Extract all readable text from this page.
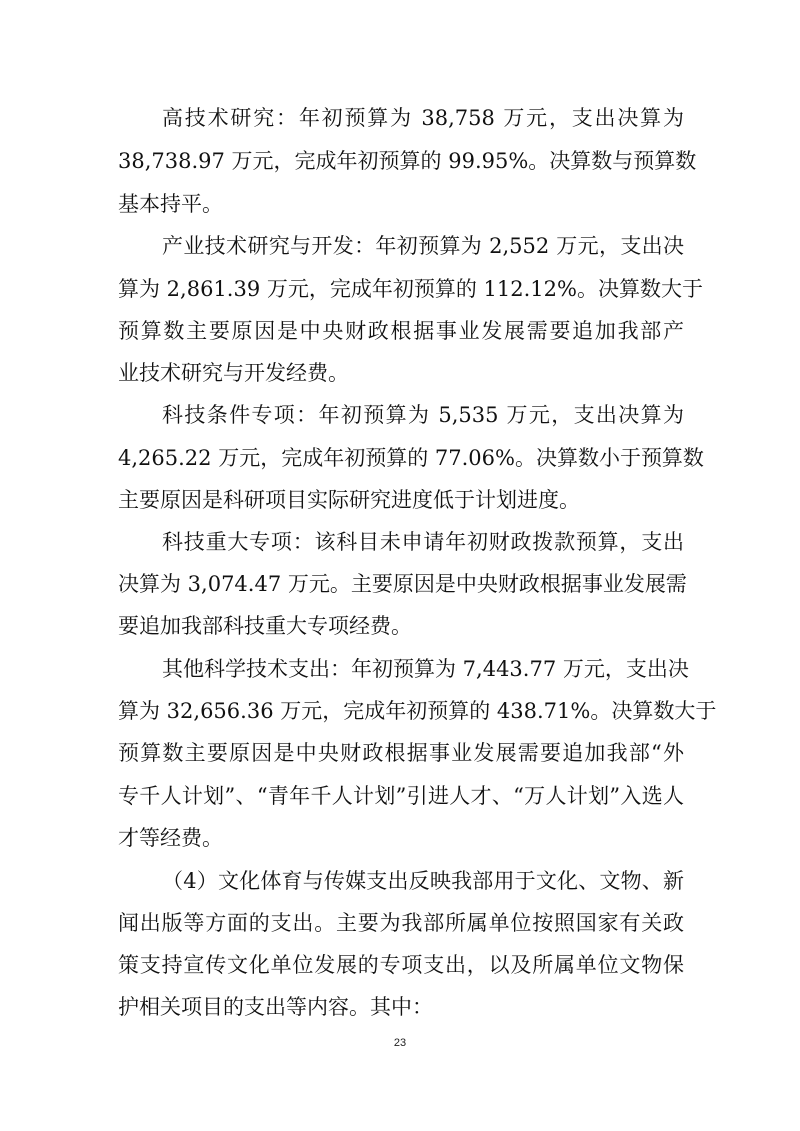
高技术研究：年初预算为 38,758 万元，支出决算为
38,738.97 万元，完成年初预算的 99.95%。决算数与预算数
基本持平。
产业技术研究与开发：年初预算为 2,552 万元，支出决
算为 2,861.39 万元，完成年初预算的 112.12%。决算数大于
预算数主要原因是中央财政根据事业发展需要追加我部产
业技术研究与开发经费。
科技条件专项：年初预算为 5,535 万元，支出决算为
4,265.22 万元，完成年初预算的 77.06%。决算数小于预算数
主要原因是科研项目实际研究进度低于计划进度。
科技重大专项：该科目未申请年初财政拨款预算，支出
决算为 3,074.47 万元。主要原因是中央财政根据事业发展需
要追加我部科技重大专项经费。
其他科学技术支出：年初预算为 7,443.77 万元，支出决
算为 32,656.36 万元，完成年初预算的 438.71%。决算数大于
预算数主要原因是中央财政根据事业发展需要追加我部“外
专千人计划”、“青年千人计划”引进人才、“万人计划”入选人
才等经费。
（4）文化体育与传媒支出反映我部用于文化、文物、新
闻出版等方面的支出。主要为我部所属单位按照国家有关政
策支持宣传文化单位发展的专项支出，以及所属单位文物保
护相关项目的支出等内容。其中：
23
